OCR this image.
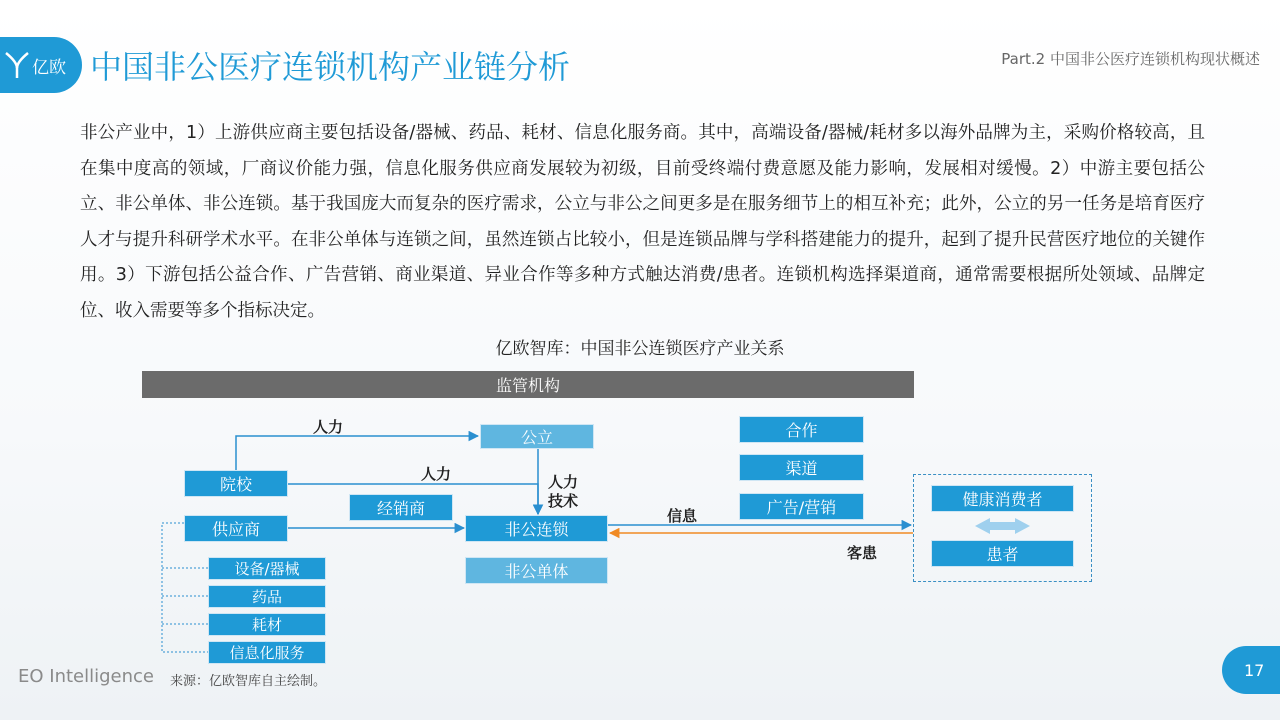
亿欧 中国非公医疗连锁机构产业链分析	Part.2 中国非公医疗连锁机构现状概述

非公产业中，1）上游供应商主要包括设备/器械、药品、耗材、信息化服务商。其中，高端设备/器械/耗材多以海外品牌为主，采购价格较高，且在集中度高的领域，厂商议价能力强，信息化服务供应商发展较为初级，目前受终端付费意愿及能力影响，发展相对缓慢。2）中游主要包括公立、非公单体、非公连锁。基于我国庞大而复杂的医疗需求，公立与非公之间更多是在服务细节上的相互补充；此外，公立的另一任务是培育医疗人才与提升科研学术水平。在非公单体与连锁之间，虽然连锁占比较小，但是连锁品牌与学科搭建能力的提升，起到了提升民营医疗地位的关键作用。3）下游包括公益合作、广告营销、商业渠道、异业合作等多种方式触达消费/患者。连锁机构选择渠道商，通常需要根据所处领域、品牌定位、收入需要等多个指标决定。

亿欧智库：中国非公连锁医疗产业关系
监管机构
院校
供应商
设备/器械
药品
耗材
信息化服务
经销商
公立
非公连锁
非公单体
合作
渠道
广告/营销	健康消费者
患者
人力
人力	人力
技术
信息
客患
EO Intelligence 来源：亿欧智库自主绘制。
17
